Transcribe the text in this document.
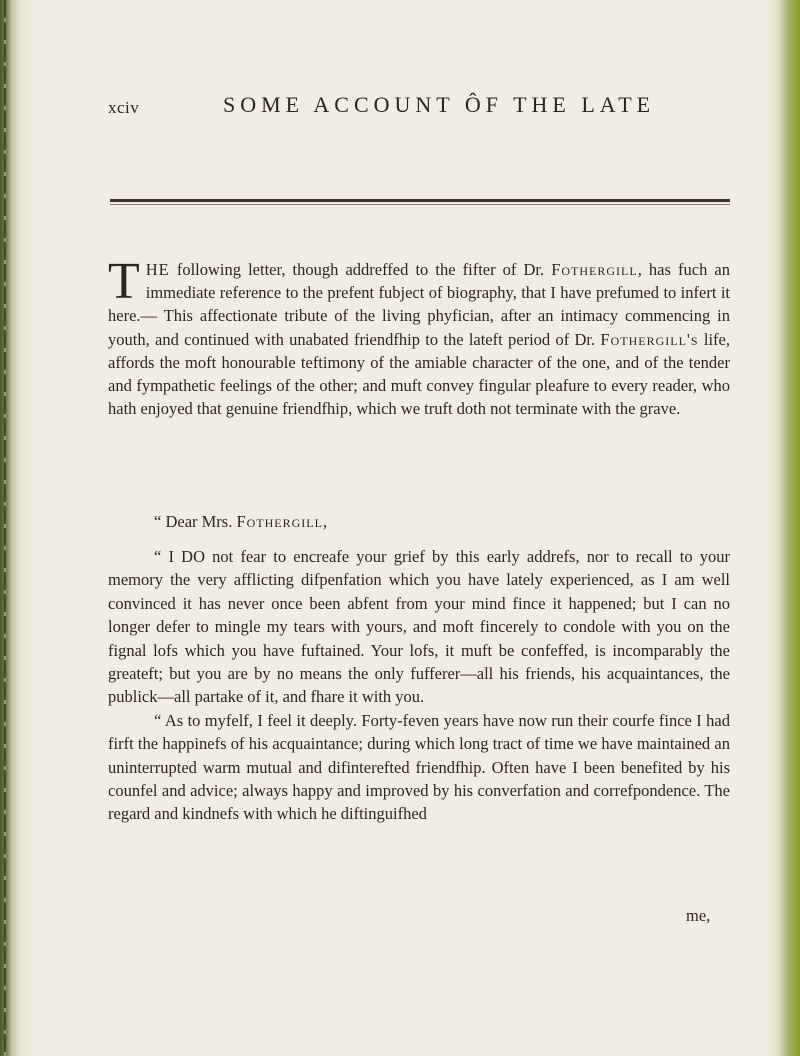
xciv	SOME ACCOUNT ÔF THE LATE
THE following letter, though addreffed to the fifter of Dr. Fothergill, has fuch an immediate reference to the prefent fubject of biography, that I have prefumed to infert it here.— This affectionate tribute of the living phyfician, after an intimacy commencing in youth, and continued with unabated friendfhip to the lateft period of Dr. Fothergill's life, affords the moft honourable teftimony of the amiable character of the one, and of the tender and fympathetic feelings of the other; and muft convey fingular pleafure to every reader, who hath enjoyed that genuine friendfhip, which we truft doth not terminate with the grave.
“ Dear Mrs. Fothergill,

“ I DO not fear to encreafe your grief by this early addrefs, nor to recall to your memory the very afflicting difpenfation which you have lately experienced, as I am well convinced it has never once been abfent from your mind fince it happened; but I can no longer defer to mingle my tears with yours, and moft fincerely to condole with you on the fignal lofs which you have fuftained. Your lofs, it muft be confeffed, is incomparably the greateft; but you are by no means the only fufferer—all his friends, his acquaintances, the publick—all partake of it, and fhare it with you.

“ As to myfelf, I feel it deeply. Forty-feven years have now run their courfe fince I had firft the happinefs of his acquaintance; during which long tract of time we have maintained an uninterrupted warm mutual and difinterefted friendfhip. Often have I been benefited by his counfel and advice; always happy and improved by his converfation and correfpondence. The regard and kindnefs with which he diftinguifhed

me,
